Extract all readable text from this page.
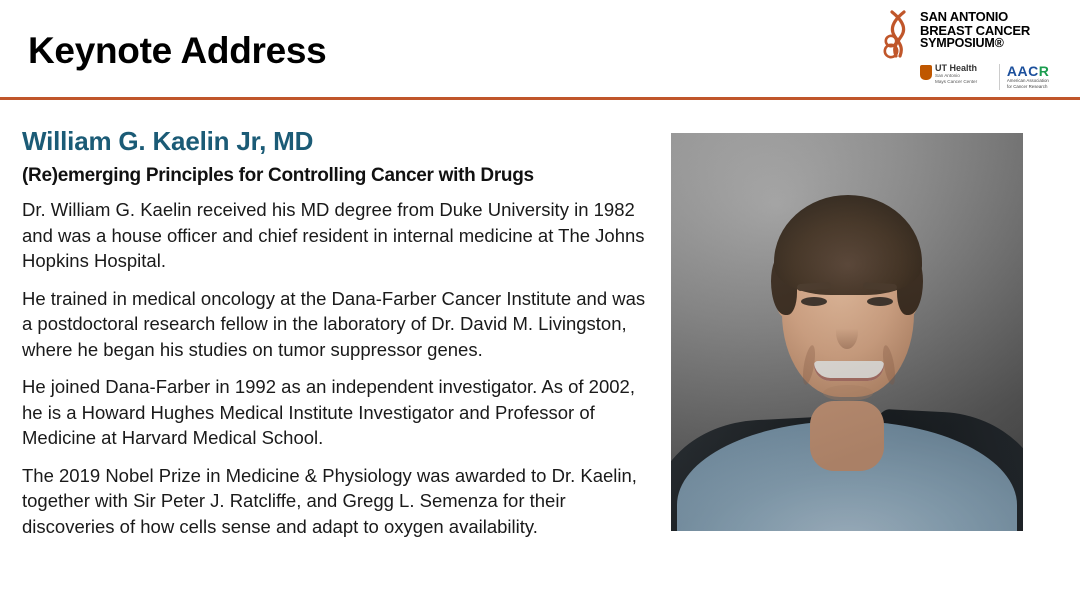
Keynote Address
SAN ANTONIO
BREAST CANCER
SYMPOSIUM®
UT Health
San Antonio
Mays Cancer Center
AACR
American Association
for Cancer Research
William G. Kaelin Jr, MD
(Re)emerging Principles for Controlling Cancer with Drugs

Dr. William G. Kaelin received his MD degree from Duke University in 1982 and was a house officer and chief resident in internal medicine at The Johns Hopkins Hospital.

He trained in medical oncology at the Dana-Farber Cancer Institute and was a postdoctoral research fellow in the laboratory of Dr. David M. Livingston, where he began his studies on tumor suppressor genes.

He joined Dana-Farber in 1992 as an independent investigator. As of 2002, he is a Howard Hughes Medical Institute Investigator and Professor of Medicine at Harvard Medical School.

The 2019 Nobel Prize in Medicine & Physiology was awarded to Dr. Kaelin, together with Sir Peter J. Ratcliffe, and Gregg L. Semenza for their discoveries of how cells sense and adapt to oxygen availability.
